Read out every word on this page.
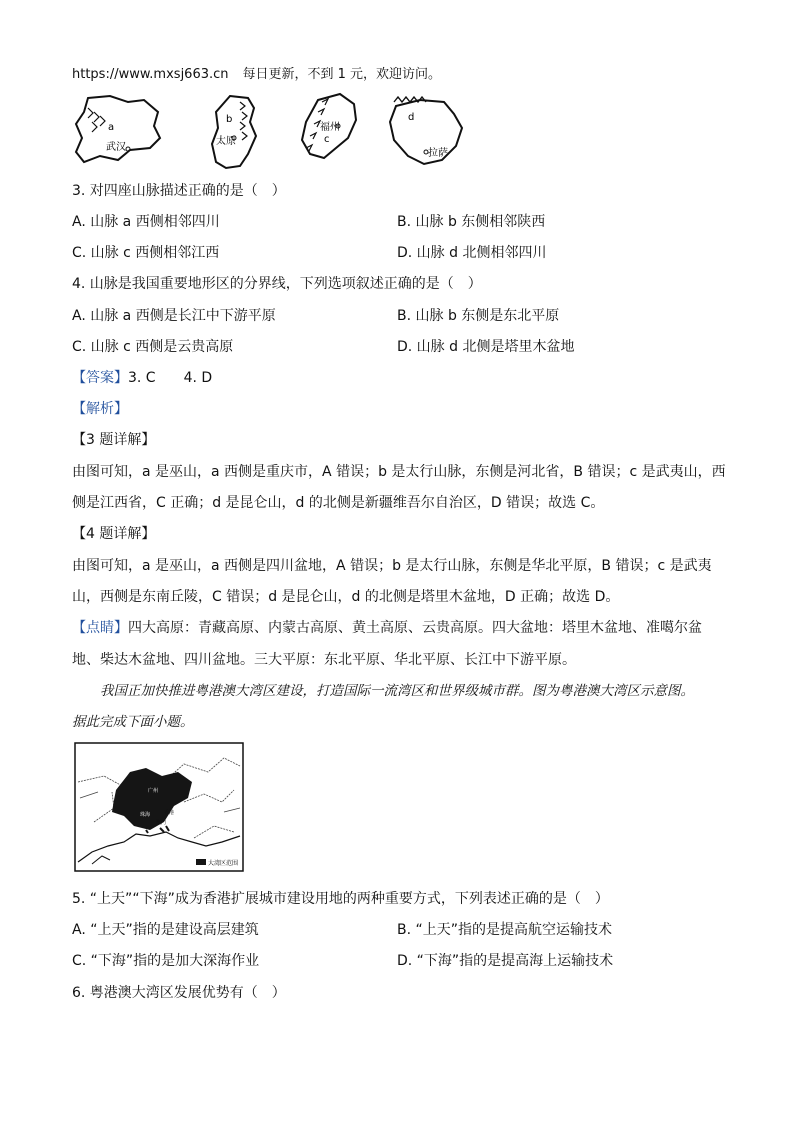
https://www.mxsj663.cn 每日更新，不到 1 元，欢迎访问。
a
武汉
b
太原
福州
c
d
拉萨
3. 对四座山脉描述正确的是（　）
A. 山脉 a 西侧相邻四川	B. 山脉 b 东侧相邻陕西
C. 山脉 c 西侧相邻江西	D. 山脉 d 北侧相邻四川
4. 山脉是我国重要地形区的分界线，下列选项叙述正确的是（　）
A. 山脉 a 西侧是长江中下游平原	B. 山脉 b 东侧是东北平原
C. 山脉 c 西侧是云贵高原	D. 山脉 d 北侧是塔里木盆地
【答案】3. C　　4. D
【解析】
【3 题详解】
由图可知，a 是巫山，a 西侧是重庆市，A 错误；b 是太行山脉，东侧是河北省，B 错误；c 是武夷山，西
侧是江西省，C 正确；d 是昆仑山，d 的北侧是新疆维吾尔自治区，D 错误；故选 C。
【4 题详解】
由图可知，a 是巫山，a 西侧是四川盆地，A 错误；b 是太行山脉，东侧是华北平原，B 错误；c 是武夷
山，西侧是东南丘陵，C 错误；d 是昆仑山，d 的北侧是塔里木盆地，D 正确；故选 D。
【点睛】四大高原：青藏高原、内蒙古高原、黄土高原、云贵高原。四大盆地：塔里木盆地、准噶尔盆
地、柴达木盆地、四川盆地。三大平原：东北平原、华北平原、长江中下游平原。
我国正加快推进粤港澳大湾区建设，打造国际一流湾区和世界级城市群。图为粤港澳大湾区示意图。
据此完成下面小题。
广州
珠海	香港
澳门
大湾区范围
5. “上天”“下海”成为香港扩展城市建设用地的两种重要方式，下列表述正确的是（　）
A. “上天”指的是建设高层建筑	B. “上天”指的是提高航空运输技术
C. “下海”指的是加大深海作业	D. “下海”指的是提高海上运输技术
6. 粤港澳大湾区发展优势有（　）
